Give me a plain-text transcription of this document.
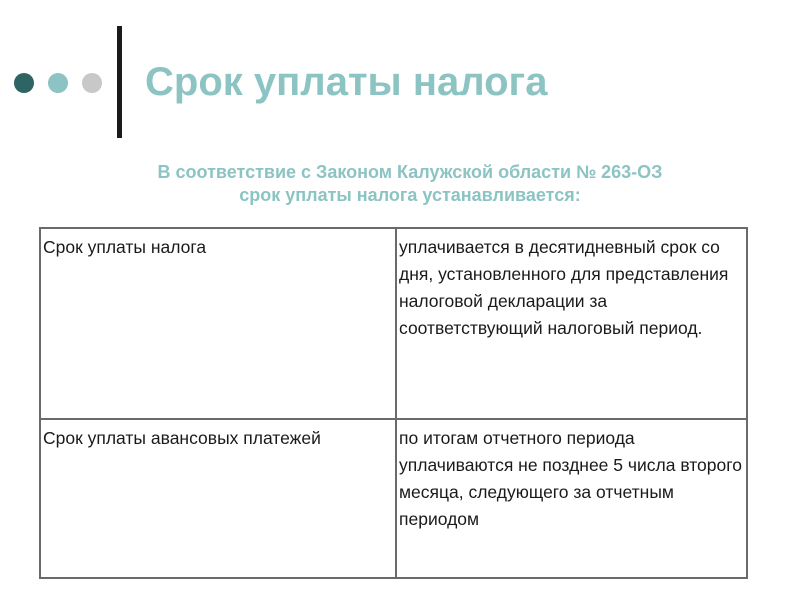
Срок уплаты налога
В соответствие с Законом Калужской области № 263-ОЗ
срок уплаты налога устанавливается:
Срок уплаты налога	уплачивается в десятидневный срок со дня, установленного для представления налоговой декларации за соответствующий налоговый период.
Срок уплаты авансовых платежей	по итогам отчетного периода уплачиваются не позднее 5 числа второго месяца, следующего за отчетным периодом
